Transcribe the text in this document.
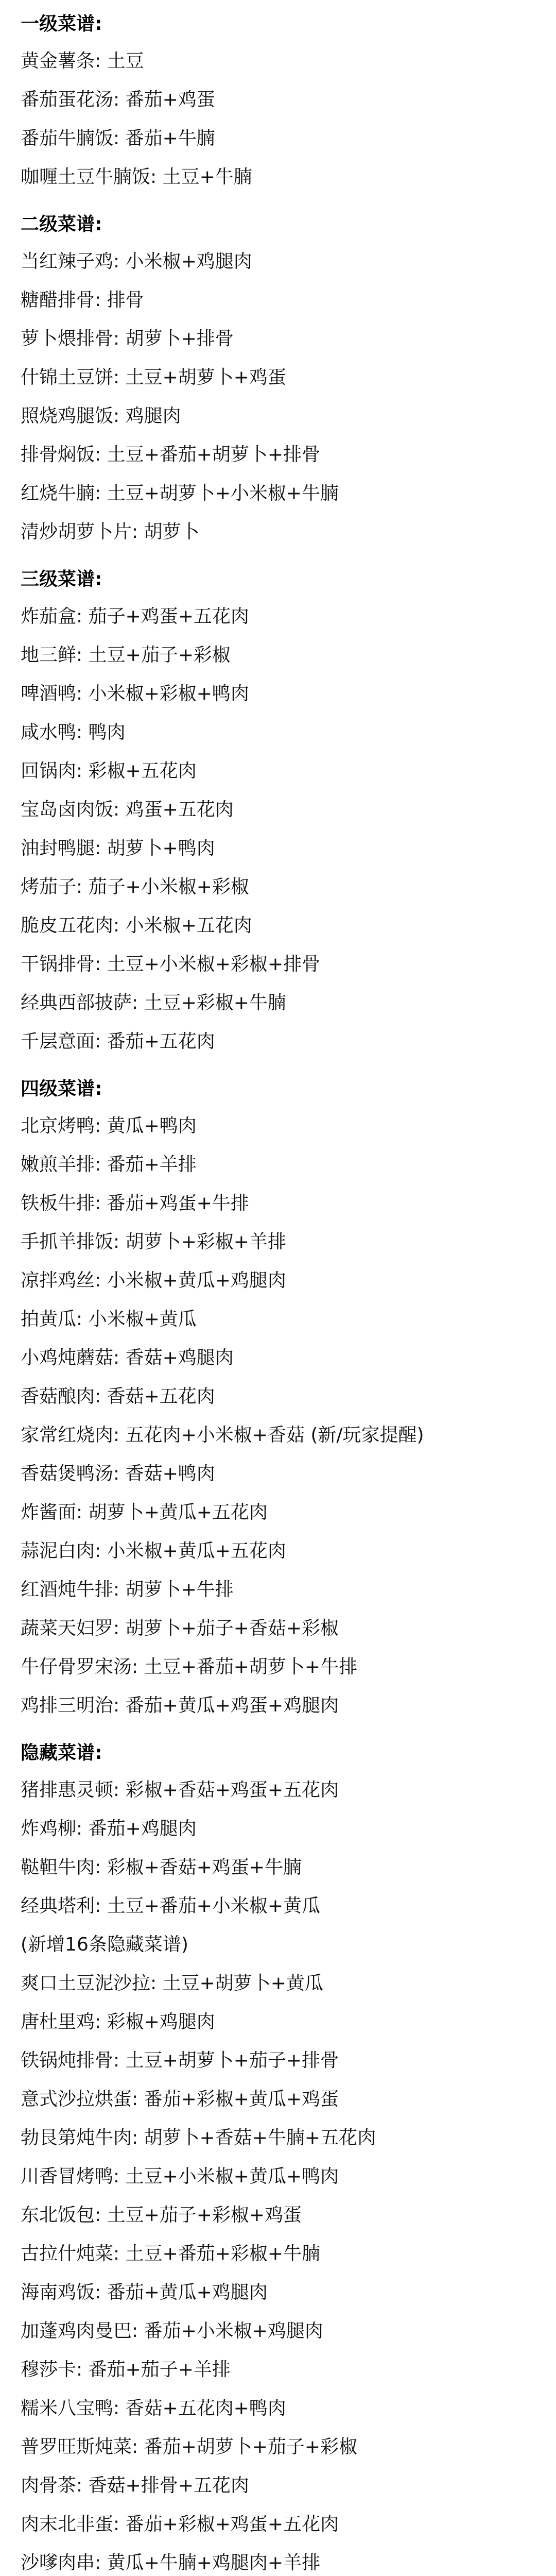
一级菜谱:
黄金薯条: 土豆
番茄蛋花汤: 番茄+鸡蛋
番茄牛腩饭: 番茄+牛腩
咖喱土豆牛腩饭: 土豆+牛腩
二级菜谱:
当红辣子鸡: 小米椒+鸡腿肉
糖醋排骨: 排骨
萝卜煨排骨: 胡萝卜+排骨
什锦土豆饼: 土豆+胡萝卜+鸡蛋
照烧鸡腿饭: 鸡腿肉
排骨焖饭: 土豆+番茄+胡萝卜+排骨
红烧牛腩: 土豆+胡萝卜+小米椒+牛腩
清炒胡萝卜片: 胡萝卜
三级菜谱:
炸茄盒: 茄子+鸡蛋+五花肉
地三鲜: 土豆+茄子+彩椒
啤酒鸭: 小米椒+彩椒+鸭肉
咸水鸭: 鸭肉
回锅肉: 彩椒+五花肉
宝岛卤肉饭: 鸡蛋+五花肉
油封鸭腿: 胡萝卜+鸭肉
烤茄子: 茄子+小米椒+彩椒
脆皮五花肉: 小米椒+五花肉
干锅排骨: 土豆+小米椒+彩椒+排骨
经典西部披萨: 土豆+彩椒+牛腩
千层意面: 番茄+五花肉
四级菜谱:
北京烤鸭: 黄瓜+鸭肉
嫩煎羊排: 番茄+羊排
铁板牛排: 番茄+鸡蛋+牛排
手抓羊排饭: 胡萝卜+彩椒+羊排
凉拌鸡丝: 小米椒+黄瓜+鸡腿肉
拍黄瓜: 小米椒+黄瓜
小鸡炖蘑菇: 香菇+鸡腿肉
香菇酿肉: 香菇+五花肉
家常红烧肉: 五花肉+小米椒+香菇 (新/玩家提醒)
香菇煲鸭汤: 香菇+鸭肉
炸酱面: 胡萝卜+黄瓜+五花肉
蒜泥白肉: 小米椒+黄瓜+五花肉
红酒炖牛排: 胡萝卜+牛排
蔬菜天妇罗: 胡萝卜+茄子+香菇+彩椒
牛仔骨罗宋汤: 土豆+番茄+胡萝卜+牛排
鸡排三明治: 番茄+黄瓜+鸡蛋+鸡腿肉
隐藏菜谱:
猪排惠灵顿: 彩椒+香菇+鸡蛋+五花肉
炸鸡柳: 番茄+鸡腿肉
鞑靼牛肉: 彩椒+香菇+鸡蛋+牛腩
经典塔利: 土豆+番茄+小米椒+黄瓜
(新增16条隐藏菜谱)
爽口土豆泥沙拉: 土豆+胡萝卜+黄瓜
唐杜里鸡: 彩椒+鸡腿肉
铁锅炖排骨: 土豆+胡萝卜+茄子+排骨
意式沙拉烘蛋: 番茄+彩椒+黄瓜+鸡蛋
勃艮第炖牛肉: 胡萝卜+香菇+牛腩+五花肉
川香冒烤鸭: 土豆+小米椒+黄瓜+鸭肉
东北饭包: 土豆+茄子+彩椒+鸡蛋
古拉什炖菜: 土豆+番茄+彩椒+牛腩
海南鸡饭: 番茄+黄瓜+鸡腿肉
加蓬鸡肉曼巴: 番茄+小米椒+鸡腿肉
穆莎卡: 番茄+茄子+羊排
糯米八宝鸭: 香菇+五花肉+鸭肉
普罗旺斯炖菜: 番茄+胡萝卜+茄子+彩椒
肉骨茶: 香菇+排骨+五花肉
肉末北非蛋: 番茄+彩椒+鸡蛋+五花肉
沙嗲肉串: 黄瓜+牛腩+鸡腿肉+羊排
